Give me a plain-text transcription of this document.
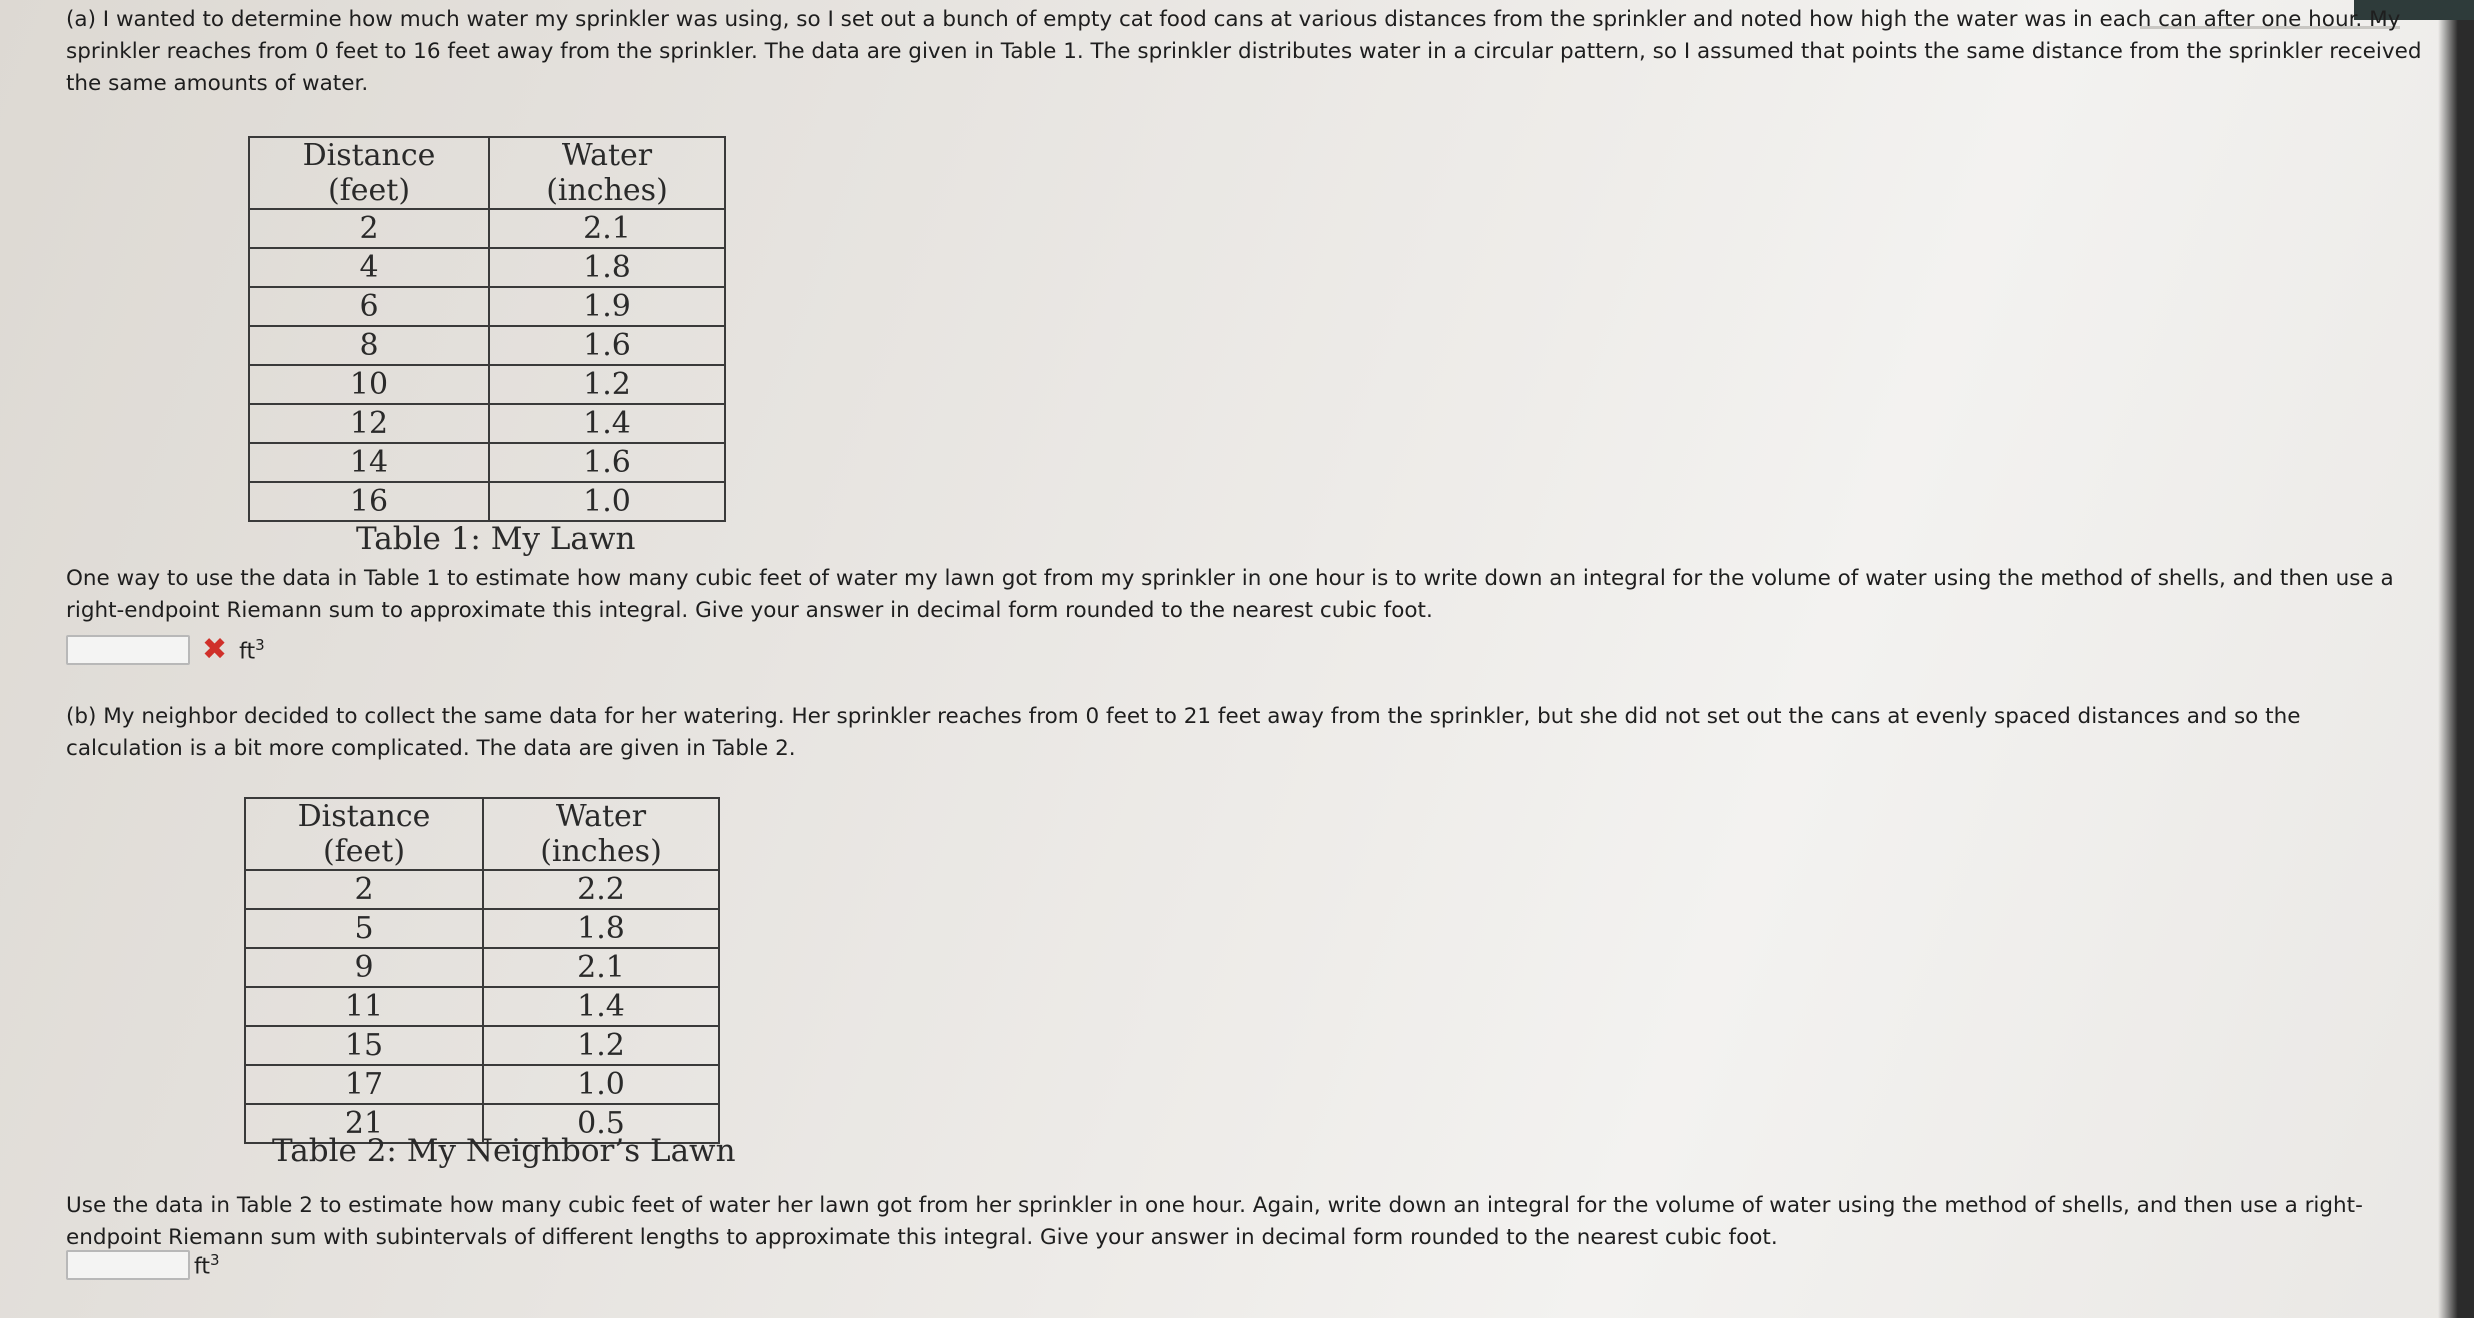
(a) I wanted to determine how much water my sprinkler was using, so I set out a bunch of empty cat food cans at various distances from the sprinkler and noted how high the water was in each can after one hour. My sprinkler reaches from 0 feet to 16 feet away from the sprinkler. The data are given in Table 1. The sprinkler distributes water in a circular pattern, so I assumed that points the same distance from the sprinkler received the same amounts of water.
Distance (feet)	Water (inches)
2	2.1
4	1.8
6	1.9
8	1.6
10	1.2
12	1.4
14	1.6
16	1.0
Table 1: My Lawn
One way to use the data in Table 1 to estimate how many cubic feet of water my lawn got from my sprinkler in one hour is to write down an integral for the volume of water using the method of shells, and then use a right-endpoint Riemann sum to approximate this integral. Give your answer in decimal form rounded to the nearest cubic foot.
✖ $ft^3$
(b) My neighbor decided to collect the same data for her watering. Her sprinkler reaches from 0 feet to 21 feet away from the sprinkler, but she did not set out the cans at evenly spaced distances and so the calculation is a bit more complicated. The data are given in Table 2.
Distance (feet)	Water (inches)
2	2.2
5	1.8
9	2.1
11	1.4
15	1.2
17	1.0
21	0.5
Table 2: My Neighbor’s Lawn
Use the data in Table 2 to estimate how many cubic feet of water her lawn got from her sprinkler in one hour. Again, write down an integral for the volume of water using the method of shells, and then use a right-endpoint Riemann sum with subintervals of different lengths to approximate this integral. Give your answer in decimal form rounded to the nearest cubic foot.
$ft^3$
